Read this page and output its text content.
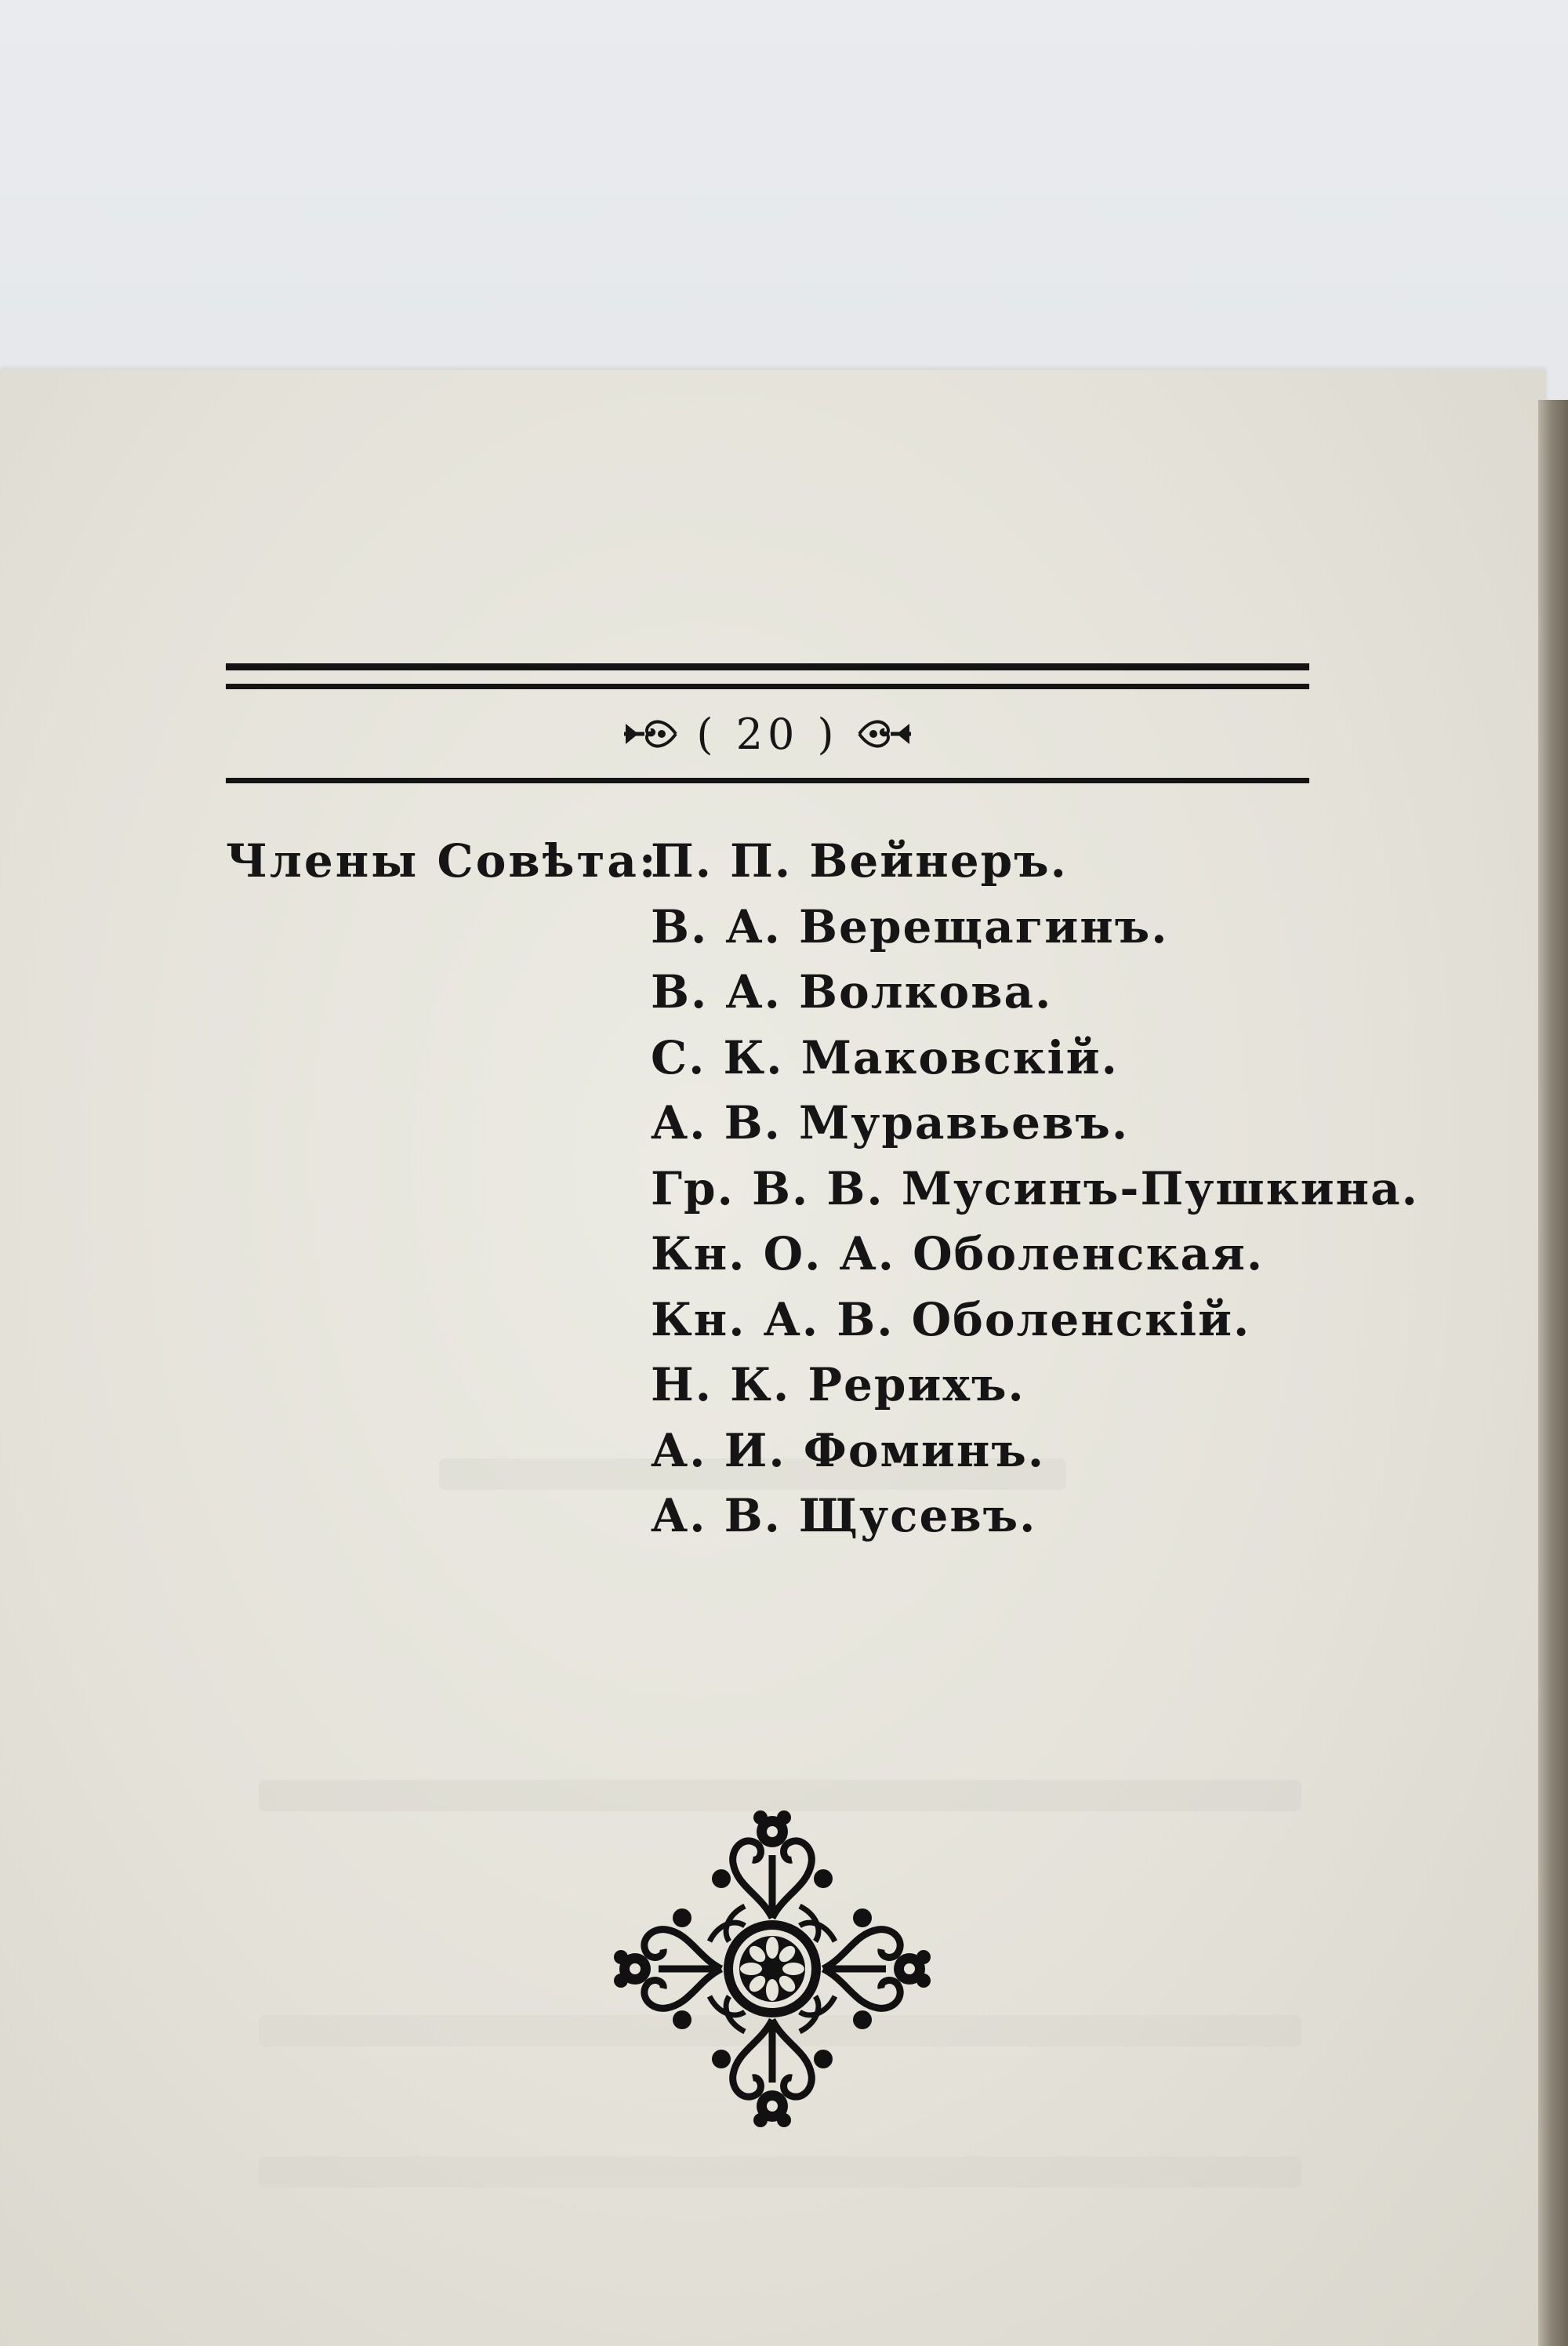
( 20 )
Члены Совѣта:
П. П. Вейнеръ.
В. А. Верещагинъ.
В. А. Волкова.
С. К. Маковскій.
А. В. Муравьевъ.
Гр. В. В. Мусинъ-Пушкина.
Кн. О. А. Оболенская.
Кн. А. В. Оболенскій.
Н. К. Рерихъ.
А. И. Фоминъ.
А. В. Щусевъ.
